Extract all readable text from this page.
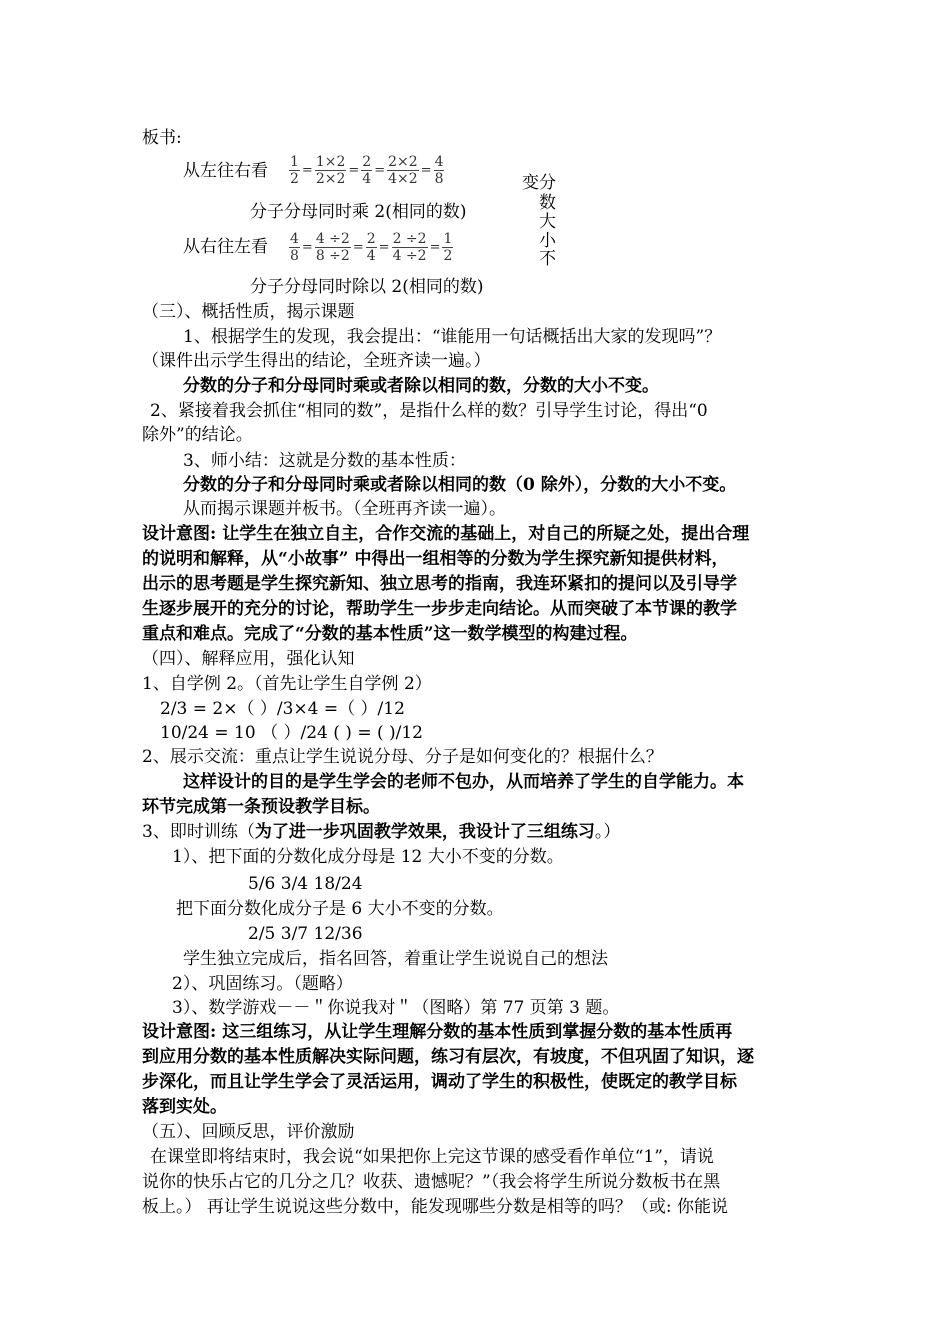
板书:
从左往右看 $\frac{1}{2} = \frac{1\times 2}{2\times 2} = \frac{2}{4} = \frac{2\times 2}{4\times 2} = \frac{4}{8}$
分子分母同时乘 2(相同的数)
从右往左看 $\frac{4}{8} = \frac{4 \div 2}{8 \div 2} = \frac{2}{4} = \frac{2 \div 2}{4 \div 2} = \frac{1}{2}$
分子分母同时除以 2(相同的数)
变分
数
大
小
不
（三）、概括性质，揭示课题
1、根据学生的发现，我会提出：“谁能用一句话概括出大家的发现吗”？
（课件出示学生得出的结论，全班齐读一遍。）
分数的分子和分母同时乘或者除以相同的数，分数的大小不变。
2、紧接着我会抓住“相同的数”，是指什么样的数？引导学生讨论，得出“0
除外”的结论。
3、师小结：这就是分数的基本性质：
分数的分子和分母同时乘或者除以相同的数（0 除外），分数的大小不变。
从而揭示课题并板书。（全班再齐读一遍）。
设计意图: 让学生在独立自主，合作交流的基础上，对自己的所疑之处，提出合理
的说明和解释，从“小故事” 中得出一组相等的分数为学生探究新知提供材料，
出示的思考题是学生探究新知、独立思考的指南，我连环紧扣的提问以及引导学
生逐步展开的充分的讨论，帮助学生一步步走向结论。从而突破了本节课的教学
重点和难点。完成了“分数的基本性质”这一数学模型的构建过程。
（四）、解释应用，强化认知
1、自学例 2。（首先让学生自学例 2）
2/3 = 2×（ ）/3×4 =（ ）/12
10/24 = 10 （ ）/24 ( ) = ( )/12
2、展示交流：重点让学生说说分母、分子是如何变化的？根据什么？
这样设计的目的是学生学会的老师不包办，从而培养了学生的自学能力。本
环节完成第一条预设教学目标。
3、即时训练（为了进一步巩固教学效果，我设计了三组练习。）
1）、把下面的分数化成分母是 12 大小不变的分数。
5/6 3/4 18/24
把下面分数化成分子是 6 大小不变的分数。
2/5 3/7 12/36
学生独立完成后，指名回答，着重让学生说说自己的想法
2）、巩固练习。（题略）
3）、数学游戏－－＂你说我对＂（图略）第 77 页第 3 题。
设计意图: 这三组练习，从让学生理解分数的基本性质到掌握分数的基本性质再
到应用分数的基本性质解决实际问题，练习有层次，有坡度，不但巩固了知识，逐
步深化，而且让学生学会了灵活运用，调动了学生的积极性，使既定的教学目标
落到实处。
（五）、回顾反思，评价激励
在课堂即将结束时，我会说“如果把你上完这节课的感受看作单位“1”，请说
说你的快乐占它的几分之几？收获、遗憾呢？”（我会将学生所说分数板书在黑
板上。） 再让学生说说这些分数中，能发现哪些分数是相等的吗？（或: 你能说
